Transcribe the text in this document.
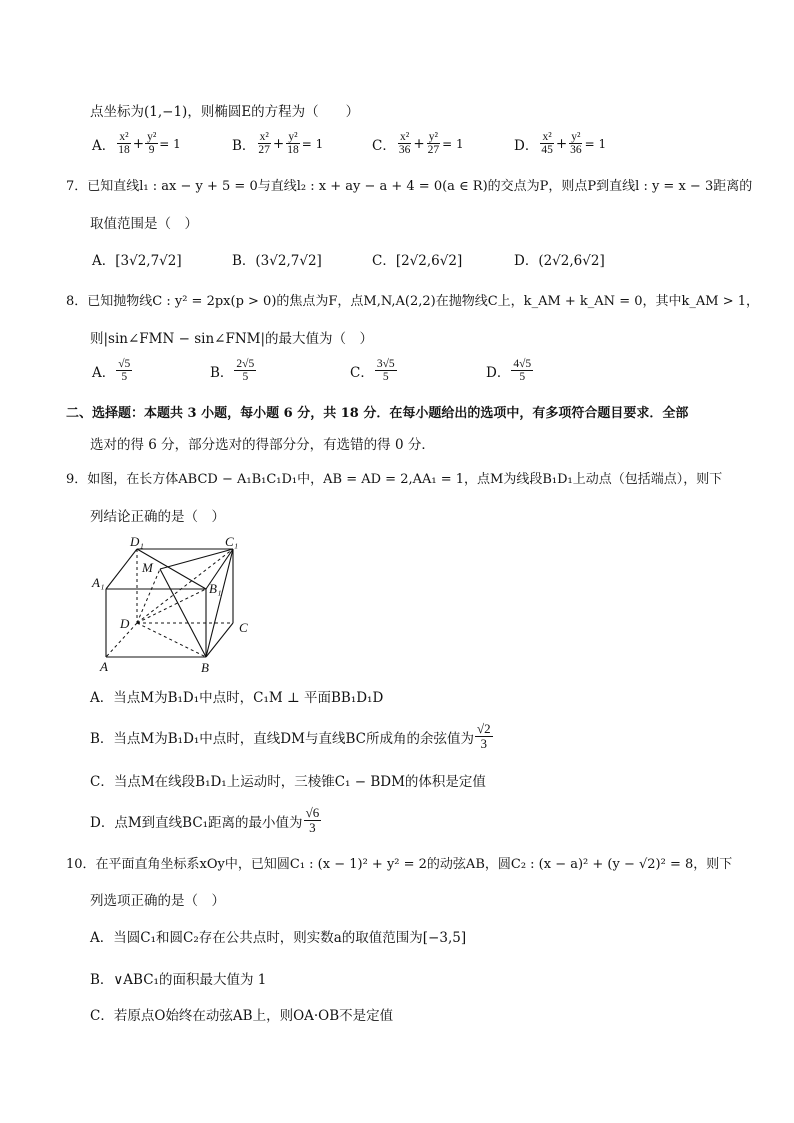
点坐标为(1,−1)，则椭圆E的方程为（　　）
A． $\frac{\text{x²}}{18} + \frac{\text{y²}}{9} = 1$	B． $\frac{\text{x²}}{27} + \frac{\text{y²}}{18} = 1$	C． $\frac{\text{x²}}{36} + \frac{\text{y²}}{27} = 1$	D． $\frac{\text{x²}}{45} + \frac{\text{y²}}{36} = 1$
7．已知直线l₁ : ax − y + 5 = 0与直线l₂ : x + ay − a + 4 = 0(a ∈ R)的交点为P，则点P到直线l : y = x − 3距离的
取值范围是（　）
A．[3√2,7√2]	B．(3√2,7√2]	C．[2√2,6√2]	D．(2√2,6√2]
8．已知抛物线C : y² = 2px(p > 0)的焦点为F，点M,N,A(2,2)在抛物线C上，k_AM + k_AN = 0，其中k_AM > 1，
则|sin∠FMN − sin∠FNM|的最大值为（　）
A． $\frac{√5}{5}$	B． $\frac{2√5}{5}$	C． $\frac{3√5}{5}$	D． $\frac{4√5}{5}$
二、选择题：本题共 3 小题，每小题 6 分，共 18 分．在每小题给出的选项中，有多项符合题目要求．全部
选对的得 6 分，部分选对的得部分分，有选错的得 0 分．
9．如图，在长方体ABCD − A₁B₁C₁D₁中，AB = AD = 2,AA₁ = 1，点M为线段B₁D₁上动点（包括端点），则下
列结论正确的是（　）
D₁	C₁
A₁
M
B₁
D	C
A	B
A．当点M为B₁D₁中点时，C₁M ⊥ 平面BB₁D₁D
B．当点M为B₁D₁中点时，直线DM与直线BC所成角的余弦值为 $\frac{√2}{3}$
C．当点M在线段B₁D₁上运动时，三棱锥C₁ − BDM的体积是定值
D．点M到直线BC₁距离的最小值为 $\frac{√6}{3}$
10．在平面直角坐标系xOy中，已知圆C₁ : (x − 1)² + y² = 2的动弦AB，圆C₂ : (x − a)² + (y − √2)² = 8，则下
列选项正确的是（　）
A．当圆C₁和圆C₂存在公共点时，则实数a的取值范围为[−3,5]
B．∨ABC₁的面积最大值为 1
C．若原点O始终在动弦AB上，则OA·OB不是定值
